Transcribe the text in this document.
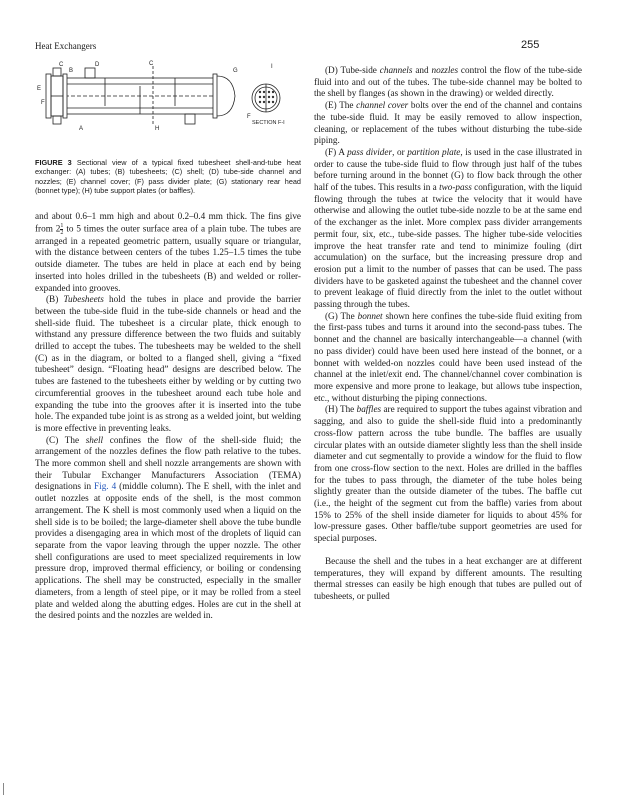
Heat Exchangers	255
E
C
B
F
A
D
G
H
C
F
I
SECTION F-I
FIGURE 3 Sectional view of a typical fixed tubesheet shell-and-tube heat exchanger: (A) tubes; (B) tubesheets; (C) shell; (D) tube-side channel and nozzles; (E) channel cover; (F) pass divider plate; (G) stationary rear head (bonnet type); (H) tube support plates (or baffles).

and about 0.6–1 mm high and about 0.2–0.4 mm thick. The fins give from $2 \frac{1}{2}$ to 5 times the outer surface area of a plain tube. The tubes are arranged in a repeated geometric pattern, usually square or triangular, with the distance between centers of the tubes 1.25–1.5 times the tube outside diameter. The tubes are held in place at each end by being inserted into holes drilled in the tubesheets (B) and welded or roller-expanded into grooves.

(B) Tubesheets hold the tubes in place and provide the barrier between the tube-side fluid in the tube-side channels or head and the shell-side fluid. The tubesheet is a circular plate, thick enough to withstand any pressure difference between the two fluids and suitably drilled to accept the tubes. The tubesheets may be welded to the shell (C) as in the diagram, or bolted to a flanged shell, giving a “fixed tubesheet” design. “Floating head” designs are described below. The tubes are fastened to the tubesheets either by welding or by cutting two circumferential grooves in the tubesheet around each tube hole and expanding the tube into the grooves after it is inserted into the tube hole. The expanded tube joint is as strong as a welded joint, but welding is more effective in preventing leaks.

(C) The shell confines the flow of the shell-side fluid; the arrangement of the nozzles defines the flow path relative to the tubes. The more common shell and shell nozzle arrangements are shown with their Tubular Exchanger Manufacturers Association (TEMA) designations in Fig. 4 (middle column). The E shell, with the inlet and outlet nozzles at opposite ends of the shell, is the most common arrangement. The K shell is most commonly used when a liquid on the shell side is to be boiled; the large-diameter shell above the tube bundle provides a disengaging area in which most of the droplets of liquid can separate from the vapor leaving through the upper nozzle. The other shell configurations are used to meet specialized requirements in low pressure drop, improved thermal efficiency, or boiling or condensing applications. The shell may be constructed, especially in the smaller diameters, from a length of steel pipe, or it may be rolled from a steel plate and welded along the abutting edges. Holes are cut in the shell at the desired points and the nozzles are welded in.

(D) Tube-side channels and nozzles control the flow of the tube-side fluid into and out of the tubes. The tube-side channel may be bolted to the shell by flanges (as shown in the drawing) or welded directly.

(E) The channel cover bolts over the end of the channel and contains the tube-side fluid. It may be easily removed to allow inspection, cleaning, or replacement of the tubes without disturbing the tube-side piping.

(F) A pass divider, or partition plate, is used in the case illustrated in order to cause the tube-side fluid to flow through just half of the tubes before turning around in the bonnet (G) to flow back through the other half of the tubes. This results in a two-pass configuration, with the liquid flowing through the tubes at twice the velocity that it would have otherwise and allowing the outlet tube-side nozzle to be at the same end of the exchanger as the inlet. More complex pass divider arrangements permit four, six, etc., tube-side passes. The higher tube-side velocities improve the heat transfer rate and tend to minimize fouling (dirt accumulation) on the surface, but the increasing pressure drop and erosion put a limit to the number of passes that can be used. The pass dividers have to be gasketed against the tubesheet and the channel cover to prevent leakage of fluid directly from the inlet to the outlet without passing through the tubes.

(G) The bonnet shown here confines the tube-side fluid exiting from the first-pass tubes and turns it around into the second-pass tubes. The bonnet and the channel are basically interchangeable—a channel (with no pass divider) could have been used here instead of the bonnet, or a bonnet with welded-on nozzles could have been used instead of the channel at the inlet/exit end. The channel/channel cover combination is more expensive and more prone to leakage, but allows tube inspection, etc., without disturbing the piping connections.

(H) The baffles are required to support the tubes against vibration and sagging, and also to guide the shell-side fluid into a predominantly cross-flow pattern across the tube bundle. The baffles are usually circular plates with an outside diameter slightly less than the shell inside diameter and cut segmentally to provide a window for the fluid to flow from one cross-flow section to the next. Holes are drilled in the baffles for the tubes to pass through, the diameter of the tube holes being slightly greater than the outside diameter of the tubes. The baffle cut (i.e., the height of the segment cut from the baffle) varies from about 15% to 25% of the shell inside diameter for liquids to about 45% for low-pressure gases. Other baffle/tube support geometries are used for special purposes.

Because the shell and the tubes in a heat exchanger are at different temperatures, they will expand by different amounts. The resulting thermal stresses can easily be high enough that tubes are pulled out of tubesheets, or pulled
